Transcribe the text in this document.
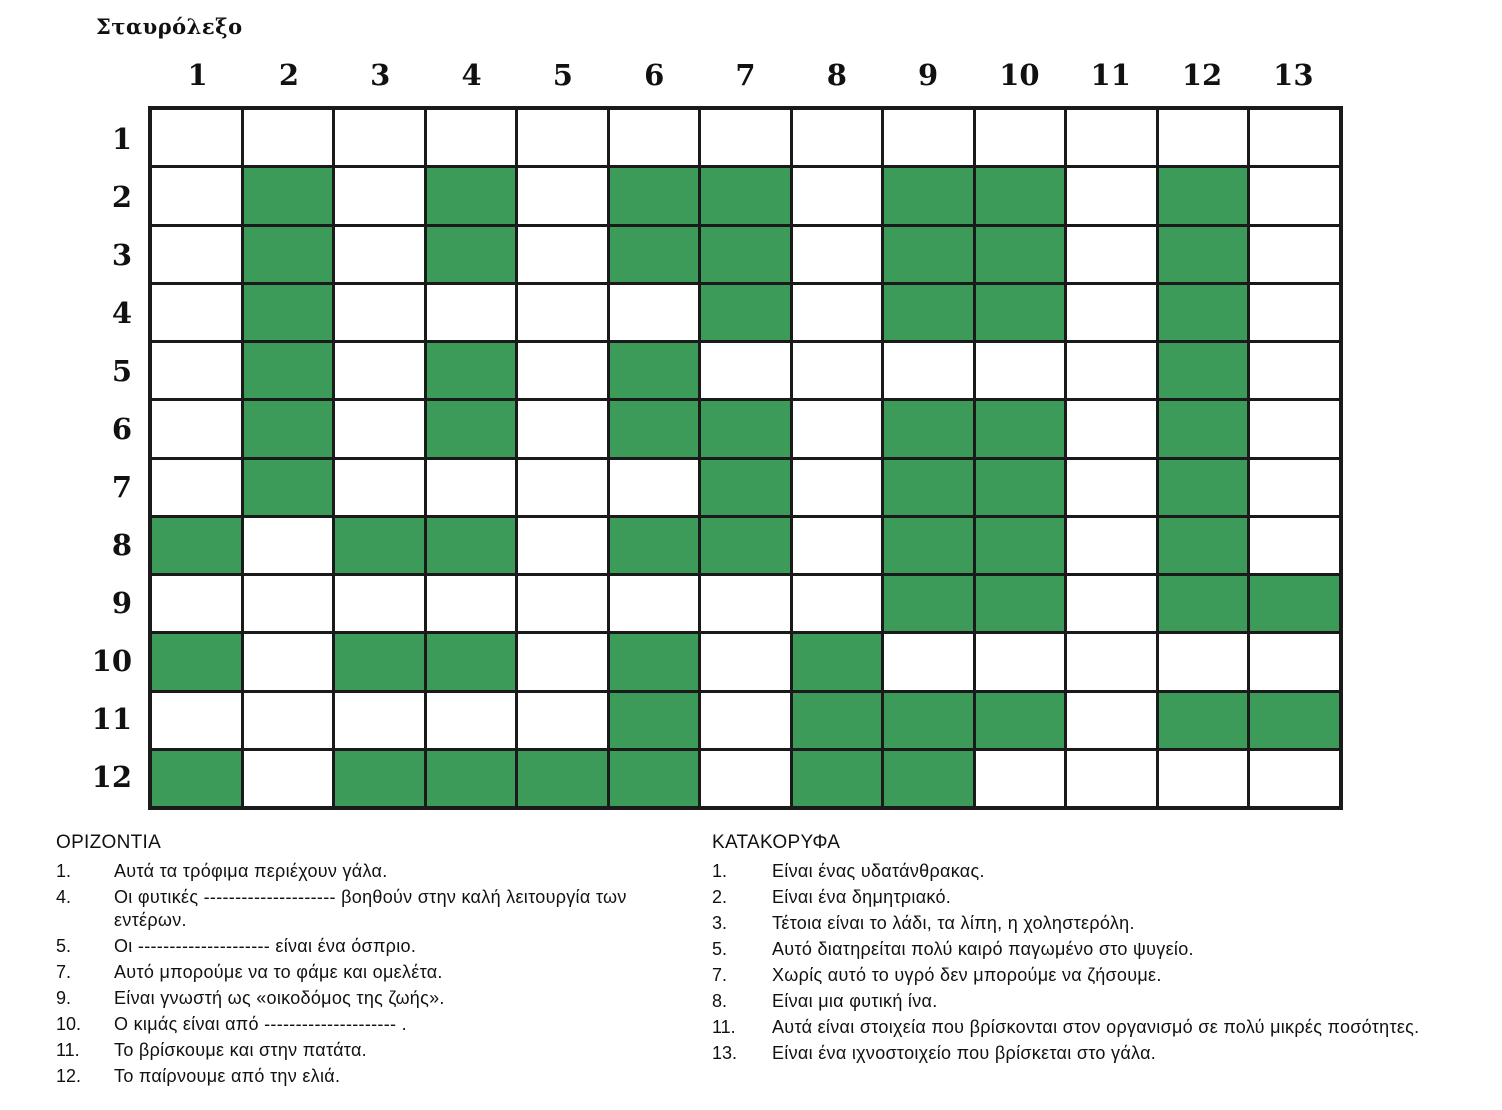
Σταυρόλεξο
1	2	3	4	5	6	7	8	9	10	11	12	13
1
2
3
4
5
6
7
8
9
10
11
12
ΟΡΙΖΟΝΤΙΑ
1.	Αυτά τα τρόφιμα περιέχουν γάλα.
4.	Οι φυτικές --------------------- βοηθούν στην καλή λειτουργία των εντέρων.
5.	Οι --------------------- είναι ένα όσπριο.
7.	Αυτό μπορούμε να το φάμε και ομελέτα.
9.	Είναι γνωστή ως «οικοδόμος της ζωής».
10.	Ο κιμάς είναι από --------------------- .
11.	Το βρίσκουμε και στην πατάτα.
12.	Το παίρνουμε από την ελιά.
ΚΑΤΑΚΟΡΥΦΑ
1.	Είναι ένας υδατάνθρακας.
2.	Είναι ένα δημητριακό.
3.	Τέτοια είναι το λάδι, τα λίπη, η χοληστερόλη.
5.	Αυτό διατηρείται πολύ καιρό παγωμένο στο ψυγείο.
7.	Χωρίς αυτό το υγρό δεν μπορούμε να ζήσουμε.
8.	Είναι μια φυτική ίνα.
11.	Αυτά είναι στοιχεία που βρίσκονται στον οργανισμό σε πολύ μικρές ποσότητες.
13.	Είναι ένα ιχνοστοιχείο που βρίσκεται στο γάλα.
